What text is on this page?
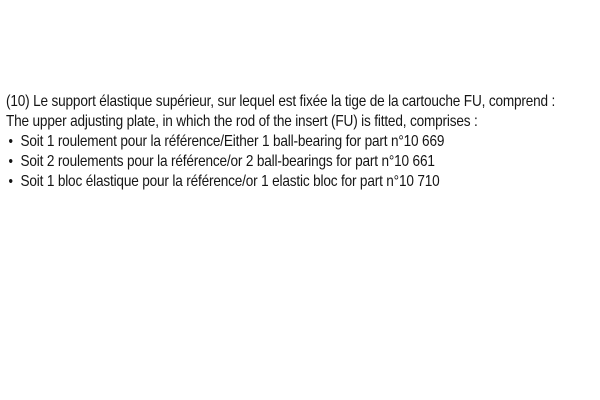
(10) Le support élastique supérieur, sur lequel est fixée la tige de la cartouche FU, comprend :
The upper adjusting plate, in which the rod of the insert (FU) is fitted, comprises :
• Soit 1 roulement pour la référence/Either 1 ball-bearing for part n°10 669
• Soit 2 roulements pour la référence/or 2 ball-bearings for part n°10 661
• Soit 1 bloc élastique pour la référence/or 1 elastic bloc for part n°10 710
